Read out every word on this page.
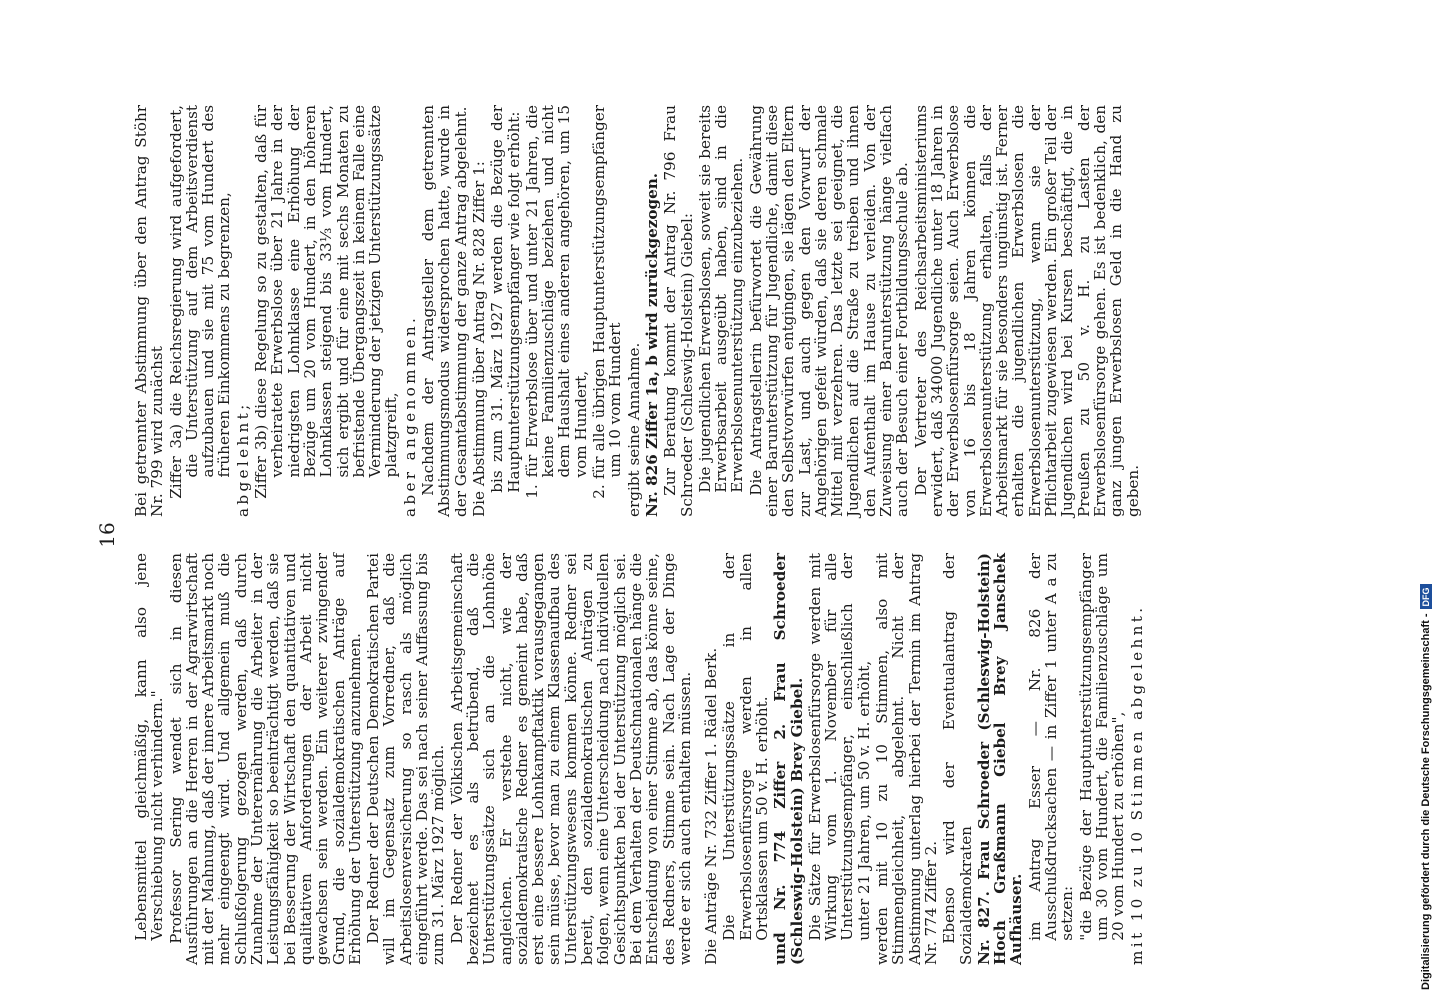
16

Lebensmittel gleichmäßig, kann also jene Verschiebung nicht verhindern." Professor Sering wendet sich in diesen Ausführungen an die Herren in der Agrarwirtschaft mit der Mahnung, daß der innere Arbeitsmarkt noch mehr eingeengt wird. Und allgemein muß die Schlußfolgerung gezogen werden, daß durch Zunahme der Unterernährung die Arbeiter in der Leistungsfähigkeit so beeinträchtigt werden, daß sie bei Besserung der Wirtschaft den quantitativen und qualitativen Anforderungen der Arbeit nicht gewachsen sein werden. Ein weiterer zwingender Grund, die sozialdemokratischen Anträge auf Erhöhung der Unterstützung anzunehmen. Der Redner der Deutschen Demokratischen Partei will im Gegensatz zum Vorredner, daß die Arbeitslosenversicherung so rasch als möglich eingeführt werde. Das sei nach seiner Auffassung bis zum 31. März 1927 möglich. Der Redner der Völkischen Arbeitsgemeinschaft bezeichnet es als betrübend, daß die Unterstützungssätze sich an die Lohnhöhe angleichen. Er verstehe nicht, wie der sozialdemokratische Redner es gemeint habe, daß erst eine bessere Lohnkampftaktik vorausgegangen sein müsse, bevor man zu einem Klassenaufbau des Unterstützungswesens kommen könne. Redner sei bereit, den sozialdemokratischen Anträgen zu folgen, wenn eine Unterscheidung nach individuellen Gesichtspunkten bei der Unterstützung möglich sei. Bei dem Verhalten der Deutschnationalen hänge die Entscheidung von einer Stimme ab, das könne seine, des Redners, Stimme sein. Nach Lage der Dinge werde er sich auch enthalten müssen. Die Anträge Nr. 732 Ziffer 1. Rädel Berk. Die Unterstützungssätze in der Erwerbslosenfürsorge werden in allen Ortsklassen um 50 v. H. erhöht. und Nr. 774 Ziffer 2. Frau Schroeder (Schleswig-Holstein) Brey Giebel. Die Sätze für Erwerbslosenfürsorge werden mit Wirkung vom 1. November für alle Unterstützungsempfänger, einschließlich der unter 21 Jahren, um 50 v. H. erhöht, werden mit 10 zu 10 Stimmen, also mit Stimmengleichheit, abgelehnt. Nicht der Abstimmung unterlag hierbei der Termin im Antrag Nr. 774 Ziffer 2. Ebenso wird der Eventualantrag der Sozialdemokraten Nr. 827. Frau Schroeder (Schleswig-Holstein) Hoch Graßmann Giebel Brey Janschek Aufhäuser. im Antrag Esser — Nr. 826 der Ausschußdrucksachen — in Ziffer 1 unter A a zu setzen: "die Bezüge der Hauptunterstützungsempfänger um 30 vom Hundert, die Familienzuschläge um 20 vom Hundert zu erhöhen", mit 10 zu 10 Stimmen abgelehnt.

Bei getrennter Abstimmung über den Antrag Stöhr Nr. 799 wird zunächst Ziffer 3a) die Reichsregierung wird aufgefordert, die Unterstützung auf dem Arbeitsverdienst aufzubauen und sie mit 75 vom Hundert des früheren Einkommens zu begrenzen, abgelehnt; Ziffer 3b) diese Regelung so zu gestalten, daß für verheiratete Erwerbslose über 21 Jahre in der niedrigsten Lohnklasse eine Erhöhung der Bezüge um 20 vom Hundert, in den höheren Lohnklassen steigend bis 33⅓ vom Hundert, sich ergibt und für eine mit sechs Monaten zu befristende Übergangszeit in keinem Falle eine Verminderung der jetzigen Unterstützungssätze platzgreift, aber angenommen. Nachdem der Antragsteller dem getrennten Abstimmungsmodus widersprochen hatte, wurde in der Gesamtabstimmung der ganze Antrag abgelehnt. Die Abstimmung über Antrag Nr. 828 Ziffer 1: bis zum 31. März 1927 werden die Bezüge der Hauptunterstützungsempfänger wie folgt erhöht: 1. für Erwerbslose über und unter 21 Jahren, die keine Familienzuschläge beziehen und nicht dem Haushalt eines anderen angehören, um 15 vom Hundert, 2. für alle übrigen Hauptunterstützungsempfänger um 10 vom Hundert ergibt seine Annahme. Nr. 826 Ziffer 1a, b wird zurückgezogen. Zur Beratung kommt der Antrag Nr. 796 Frau Schroeder (Schleswig-Holstein) Giebel: Die jugendlichen Erwerbslosen, soweit sie bereits Erwerbsarbeit ausgeübt haben, sind in die Erwerbslosenunterstützung einzubeziehen. Die Antragstellerin befürwortet die Gewährung einer Barunterstützung für Jugendliche, damit diese den Selbstvorwürfen entgingen, sie lägen den Eltern zur Last, und auch gegen den Vorwurf der Angehörigen gefeit würden, daß sie deren schmale Mittel mit verzehren. Das letzte sei geeignet, die Jugendlichen auf die Straße zu treiben und ihnen den Aufenthalt im Hause zu verleiden. Von der Zuweisung einer Barunterstützung hänge vielfach auch der Besuch einer Fortbildungsschule ab. Der Vertreter des Reichsarbeitsministeriums erwidert, daß 34000 Jugendliche unter 18 Jahren in der Erwerbslosenfürsorge seien. Auch Erwerbslose von 16 bis 18 Jahren können die Erwerbslosenunterstützung erhalten, falls der Arbeitsmarkt für sie besonders ungünstig ist. Ferner erhalten die jugendlichen Erwerbslosen die Erwerbslosenunterstützung, wenn sie der Pflichtarbeit zugewiesen werden. Ein großer Teil der Jugendlichen wird bei Kursen beschäftigt, die in Preußen zu 50 v. H. zu Lasten der Erwerbslosenfürsorge gehen. Es ist bedenklich, den ganz jungen Erwerbslosen Geld in die Hand zu geben.

Digitalisierung gefördert durch die Deutsche Forschungsgemeinschaft -
DFG
